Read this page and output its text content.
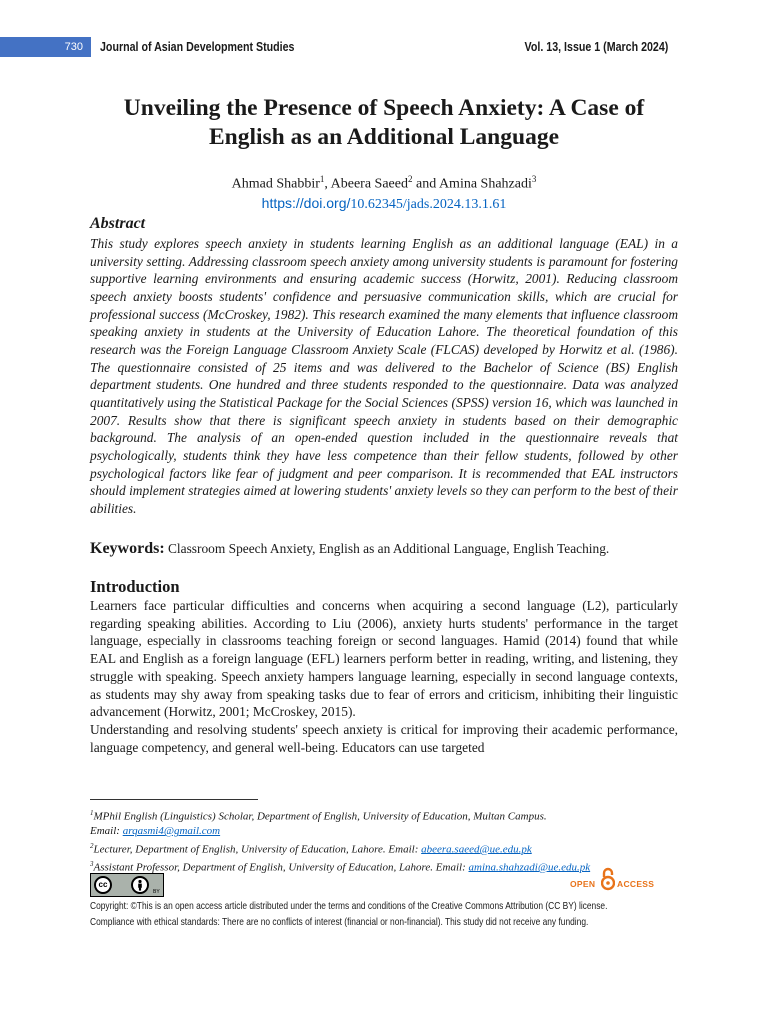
730	Journal of Asian Development Studies	Vol. 13, Issue 1 (March 2024)
Unveiling the Presence of Speech Anxiety: A Case of English as an Additional Language
Ahmad Shabbir$^1$, Abeera Saeed$^2$ and Amina Shahzadi$^3$
https://doi.org/10.62345/jads.2024.13.1.61
Abstract

This study explores speech anxiety in students learning English as an additional language (EAL) in a university setting. Addressing classroom speech anxiety among university students is paramount for fostering supportive learning environments and ensuring academic success (Horwitz, 2001). Reducing classroom speech anxiety boosts students' confidence and persuasive communication skills, which are crucial for professional success (McCroskey, 1982). This research examined the many elements that influence classroom speaking anxiety in students at the University of Education Lahore. The theoretical foundation of this research was the Foreign Language Classroom Anxiety Scale (FLCAS) developed by Horwitz et al. (1986). The questionnaire consisted of 25 items and was delivered to the Bachelor of Science (BS) English department students. One hundred and three students responded to the questionnaire. Data was analyzed quantitatively using the Statistical Package for the Social Sciences (SPSS) version 16, which was launched in 2007. Results show that there is significant speech anxiety in students based on their demographic background. The analysis of an open-ended question included in the questionnaire reveals that psychologically, students think they have less competence than their fellow students, followed by other psychological factors like fear of judgment and peer comparison. It is recommended that EAL instructors should implement strategies aimed at lowering students' anxiety levels so they can perform to the best of their abilities.

Keywords: Classroom Speech Anxiety, English as an Additional Language, English Teaching.
Introduction

Learners face particular difficulties and concerns when acquiring a second language (L2), particularly regarding speaking abilities. According to Liu (2006), anxiety hurts students' performance in the target language, especially in classrooms teaching foreign or second languages. Hamid (2014) found that while EAL and English as a foreign language (EFL) learners perform better in reading, writing, and listening, they struggle with speaking. Speech anxiety hampers language learning, especially in second language contexts, as students may shy away from speaking tasks due to fear of errors and criticism, inhibiting their linguistic advancement (Horwitz, 2001; McCroskey, 2015).

Understanding and resolving students' speech anxiety is critical for improving their academic performance, language competency, and general well-being. Educators can use targeted

$^1$MPhil English (Linguistics) Scholar, Department of English, University of Education, Multan Campus.
Email: arqasmi4@gmail.com
$^2$Lecturer, Department of English, University of Education, Lahore. Email: abeera.saeed@ue.edu.pk
$^3$Assistant Professor, Department of English, University of Education, Lahore. Email: amina.shahzadi@ue.edu.pk
cc
BY
OPEN	ACCESS
Copyright: ©This is an open access article distributed under the terms and conditions of the Creative Commons Attribution (CC BY) license.
Compliance with ethical standards: There are no conflicts of interest (financial or non-financial). This study did not receive any funding.
